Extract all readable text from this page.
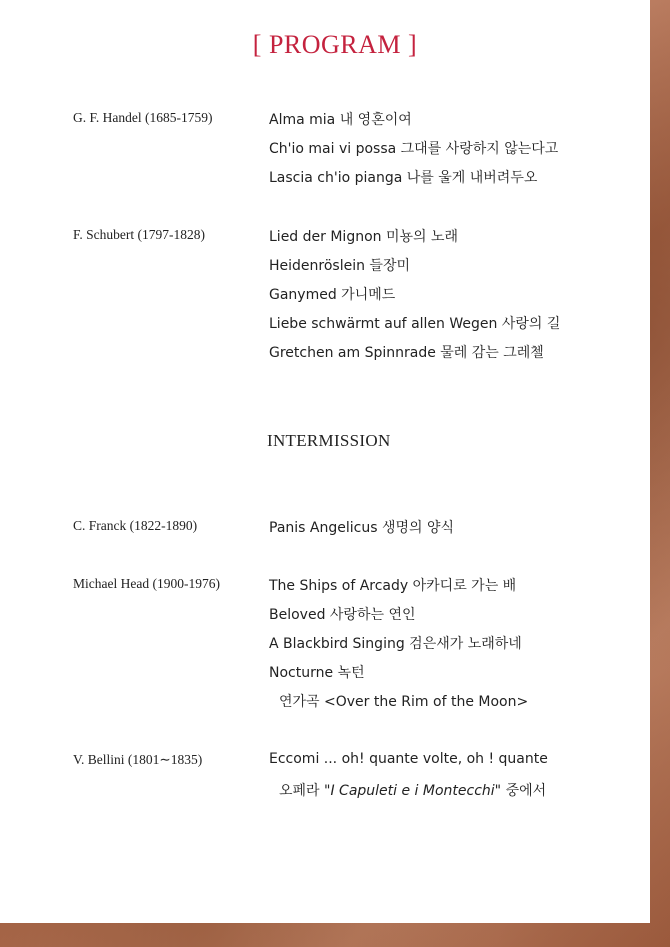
[ PROGRAM ]
G. F. Handel (1685-1759)	Alma mia 내 영혼이여
Ch'io mai vi possa 그대를 사랑하지 않는다고
Lascia ch'io pianga 나를 울게 내버려두오
F. Schubert (1797-1828)	Lied der Mignon 미뇽의 노래
Heidenröslein 들장미
Ganymed 가니메드
Liebe schwärmt auf allen Wegen 사랑의 길
Gretchen am Spinnrade 물레 감는 그레첼
INTERMISSION
C. Franck (1822-1890)	Panis Angelicus 생명의 양식
Michael Head (1900-1976)	The Ships of Arcady 아카디로 가는 배
Beloved 사랑하는 연인
A Blackbird Singing 검은새가 노래하네
Nocturne 녹턴
연가곡 <Over the Rim of the Moon>
V. Bellini (1801∼1835)	Eccomi ... oh! quante volte, oh ! quante
오페라 "I Capuleti e i Montecchi" 중에서
